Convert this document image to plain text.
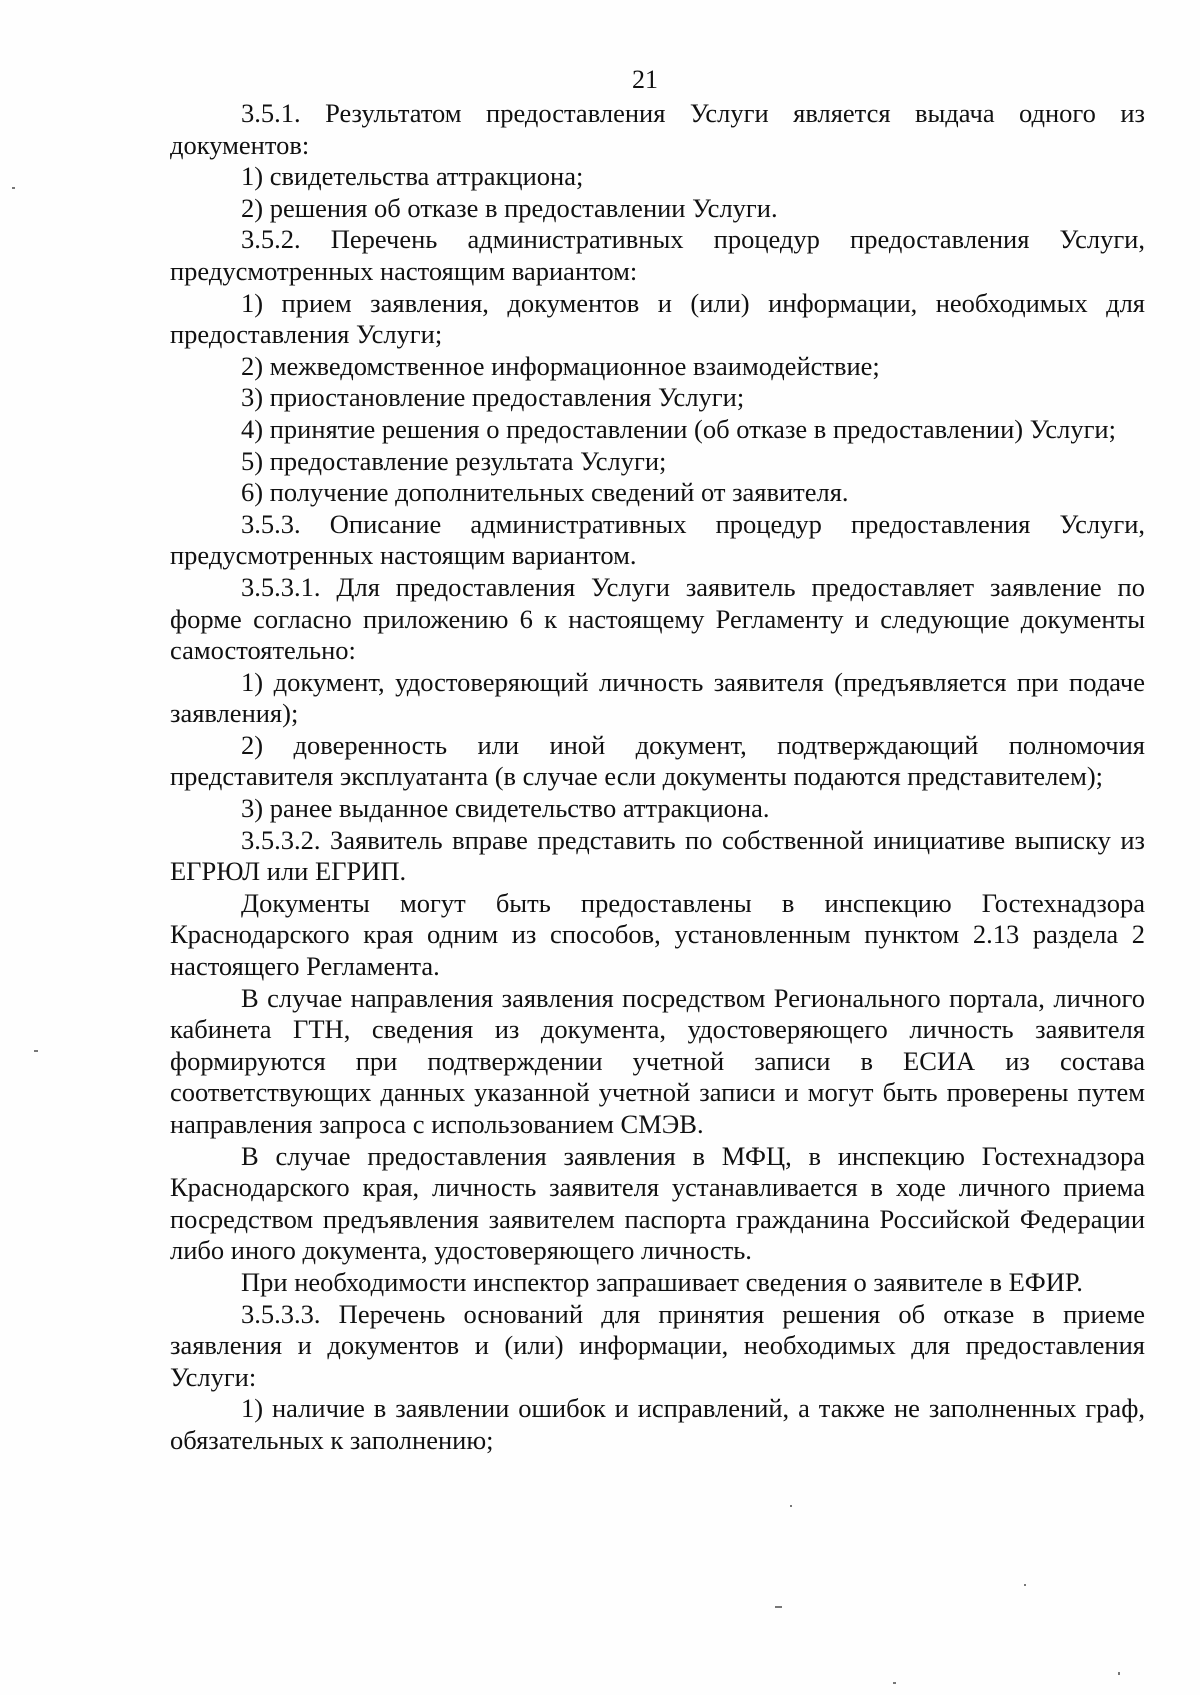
21

3.5.1. Результатом предоставления Услуги является выдача одного из документов:

1) свидетельства аттракциона;

2) решения об отказе в предоставлении Услуги.

3.5.2. Перечень административных процедур предоставления Услуги, предусмотренных настоящим вариантом:

1) прием заявления, документов и (или) информации, необходимых для предоставления Услуги;

2) межведомственное информационное взаимодействие;

3) приостановление предоставления Услуги;

4) принятие решения о предоставлении (об отказе в предоставлении) Услуги;

5) предоставление результата Услуги;

6) получение дополнительных сведений от заявителя.

3.5.3. Описание административных процедур предоставления Услуги, предусмотренных настоящим вариантом.

3.5.3.1. Для предоставления Услуги заявитель предоставляет заявление по форме согласно приложению 6 к настоящему Регламенту и следующие документы самостоятельно:

1) документ, удостоверяющий личность заявителя (предъявляется при подаче заявления);

2) доверенность или иной документ, подтверждающий полномочия представителя эксплуатанта (в случае если документы подаются представителем);

3) ранее выданное свидетельство аттракциона.

3.5.3.2. Заявитель вправе представить по собственной инициативе выписку из ЕГРЮЛ или ЕГРИП.

Документы могут быть предоставлены в инспекцию Гостехнадзора Краснодарского края одним из способов, установленным пунктом 2.13 раздела 2 настоящего Регламента.

В случае направления заявления посредством Регионального портала, личного кабинета ГТН, сведения из документа, удостоверяющего личность заявителя формируются при подтверждении учетной записи в ЕСИА из состава соответствующих данных указанной учетной записи и могут быть проверены путем направления запроса с использованием СМЭВ.

В случае предоставления заявления в МФЦ, в инспекцию Гостехнадзора Краснодарского края, личность заявителя устанавливается в ходе личного приема посредством предъявления заявителем паспорта гражданина Российской Федерации либо иного документа, удостоверяющего личность.

При необходимости инспектор запрашивает сведения о заявителе в ЕФИР.

3.5.3.3. Перечень оснований для принятия решения об отказе в приеме заявления и документов и (или) информации, необходимых для предоставления Услуги:

1) наличие в заявлении ошибок и исправлений, а также не заполненных граф, обязательных к заполнению;
